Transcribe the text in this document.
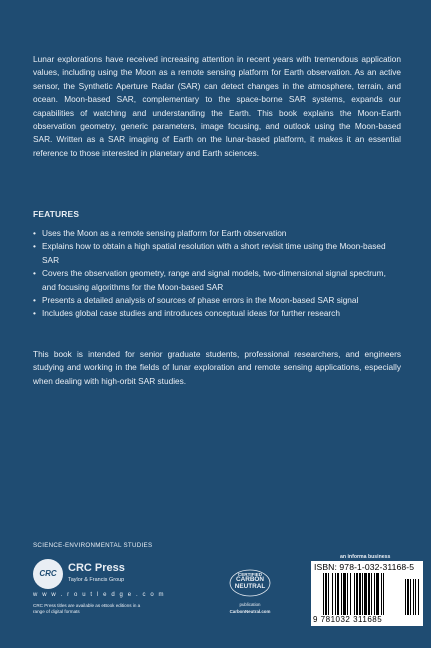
Lunar explorations have received increasing attention in recent years with tremendous application values, including using the Moon as a remote sensing platform for Earth observation. As an active sensor, the Synthetic Aperture Radar (SAR) can detect changes in the atmosphere, terrain, and ocean. Moon-based SAR, complementary to the space-borne SAR systems, expands our capabilities of watching and understanding the Earth. This book explains the Moon-Earth observation geometry, generic parameters, image focusing, and outlook using the Moon-based SAR. Written as a SAR imaging of Earth on the lunar-based platform, it makes it an essential reference to those interested in planetary and Earth sciences.

FEATURES
• Uses the Moon as a remote sensing platform for Earth observation
• Explains how to obtain a high spatial resolution with a short revisit time using the Moon-based SAR
• Covers the observation geometry, range and signal models, two-dimensional signal spectrum, and focusing algorithms for the Moon-based SAR
• Presents a detailed analysis of sources of phase errors in the Moon-based SAR signal
• Includes global case studies and introduces conceptual ideas for further research

This book is intended for senior graduate students, professional researchers, and engineers studying and working in the fields of lunar exploration and remote sensing applications, especially when dealing with high-orbit SAR studies.

SCIENCE-ENVIRONMENTAL STUDIES
CRC	CRC Press
Taylor & Francis Group
w w w . r o u t l e d g e . c o m
CRC Press titles are available as eBook editions in a range of digital formats
CERTIFIED
CARBON
NEUTRAL
publication
CarbonNeutral.com
an informa business
ISBN: 978-1-032-31168-5
9 781032 311685
